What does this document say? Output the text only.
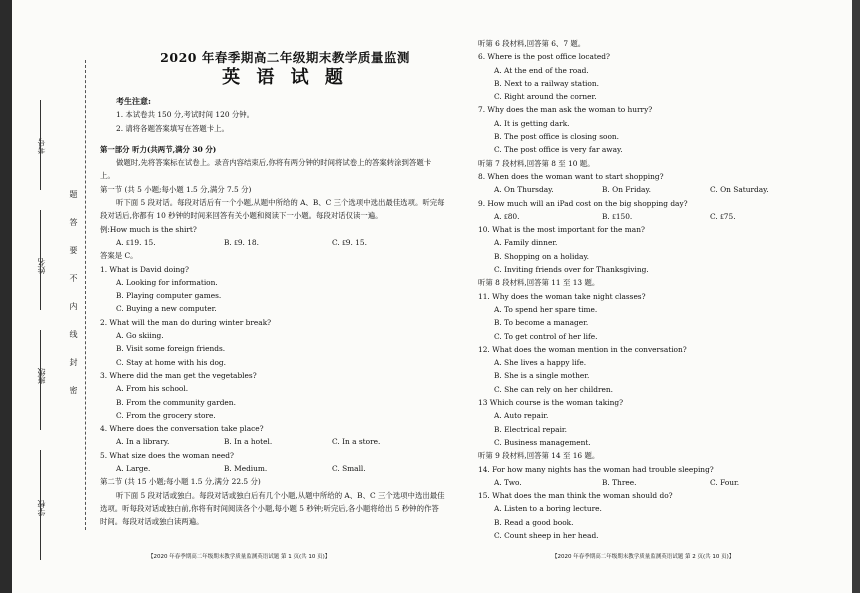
考号
姓名
班级
学校
题
答
要
不
内
线
封
密
2020 年春季期高二年级期末教学质量监测
英 语 试 题

考生注意:

1. 本试卷共 150 分,考试时间 120 分钟。

2. 请将各题答案填写在答题卡上。

第一部分 听力(共两节,满分 30 分)

做题时,先将答案标在试卷上。录音内容结束后,你将有两分钟的时间将试卷上的答案转涂到答题卡上。

第一节 (共 5 小题;每小题 1.5 分,满分 7.5 分)

听下面 5 段对话。每段对话后有一个小题,从题中所给的 A、B、C 三个选项中选出最佳选项。听完每段对话后,你都有 10 秒钟的时间来回答有关小题和阅读下一小题。每段对话仅读一遍。

例:How much is the shirt?

A. ₤19. 15.	B. ₤9. 18.	C. ₤9. 15.

答案是 C。

1. What is David doing?

A. Looking for information.

B. Playing computer games.

C. Buying a new computer.

2. What will the man do during winter break?

A. Go skiing.

B. Visit some foreign friends.

C. Stay at home with his dog.

3. Where did the man get the vegetables?

A. From his school.

B. From the community garden.

C. From the grocery store.

4. Where does the conversation take place?

A. In a library.	B. In a hotel.	C. In a store.

5. What size does the woman need?

A. Large.	B. Medium.	C. Small.

第二节 (共 15 小题;每小题 1.5 分,满分 22.5 分)

听下面 5 段对话或独白。每段对话或独白后有几个小题,从题中所给的 A、B、C 三个选项中选出最佳选项。听每段对话或独白前,你将有时间阅读各个小题,每小题 5 秒钟;听完后,各小题将给出 5 秒钟的作答时间。每段对话或独白读两遍。

听第 6 段材料,回答第 6、7 题。

6. Where is the post office located?

A. At the end of the road.

B. Next to a railway station.

C. Right around the corner.

7. Why does the man ask the woman to hurry?

A. It is getting dark.

B. The post office is closing soon.

C. The post office is very far away.

听第 7 段材料,回答第 8 至 10 题。

8. When does the woman want to start shopping?

A. On Thursday.	B. On Friday.	C. On Saturday.

9. How much will an iPad cost on the big shopping day?

A. ₤80.	B. ₤150.	C. ₤75.

10. What is the most important for the man?

A. Family dinner.

B. Shopping on a holiday.

C. Inviting friends over for Thanksgiving.

听第 8 段材料,回答第 11 至 13 题。

11. Why does the woman take night classes?

A. To spend her spare time.

B. To become a manager.

C. To get control of her life.

12. What does the woman mention in the conversation?

A. She lives a happy life.

B. She is a single mother.

C. She can rely on her children.

13 Which course is the woman taking?

A. Auto repair.

B. Electrical repair.

C. Business management.

听第 9 段材料,回答第 14 至 16 题。

14. For how many nights has the woman had trouble sleeping?

A. Two.	B. Three.	C. Four.

15. What does the man think the woman should do?

A. Listen to a boring lecture.

B. Read a good book.

C. Count sheep in her head.

【2020 年春季期高二年级期末教学质量监测英语试题 第 1 页(共 10 页)】	【2020 年春季期高二年级期末教学质量监测英语试题 第 2 页(共 10 页)】
